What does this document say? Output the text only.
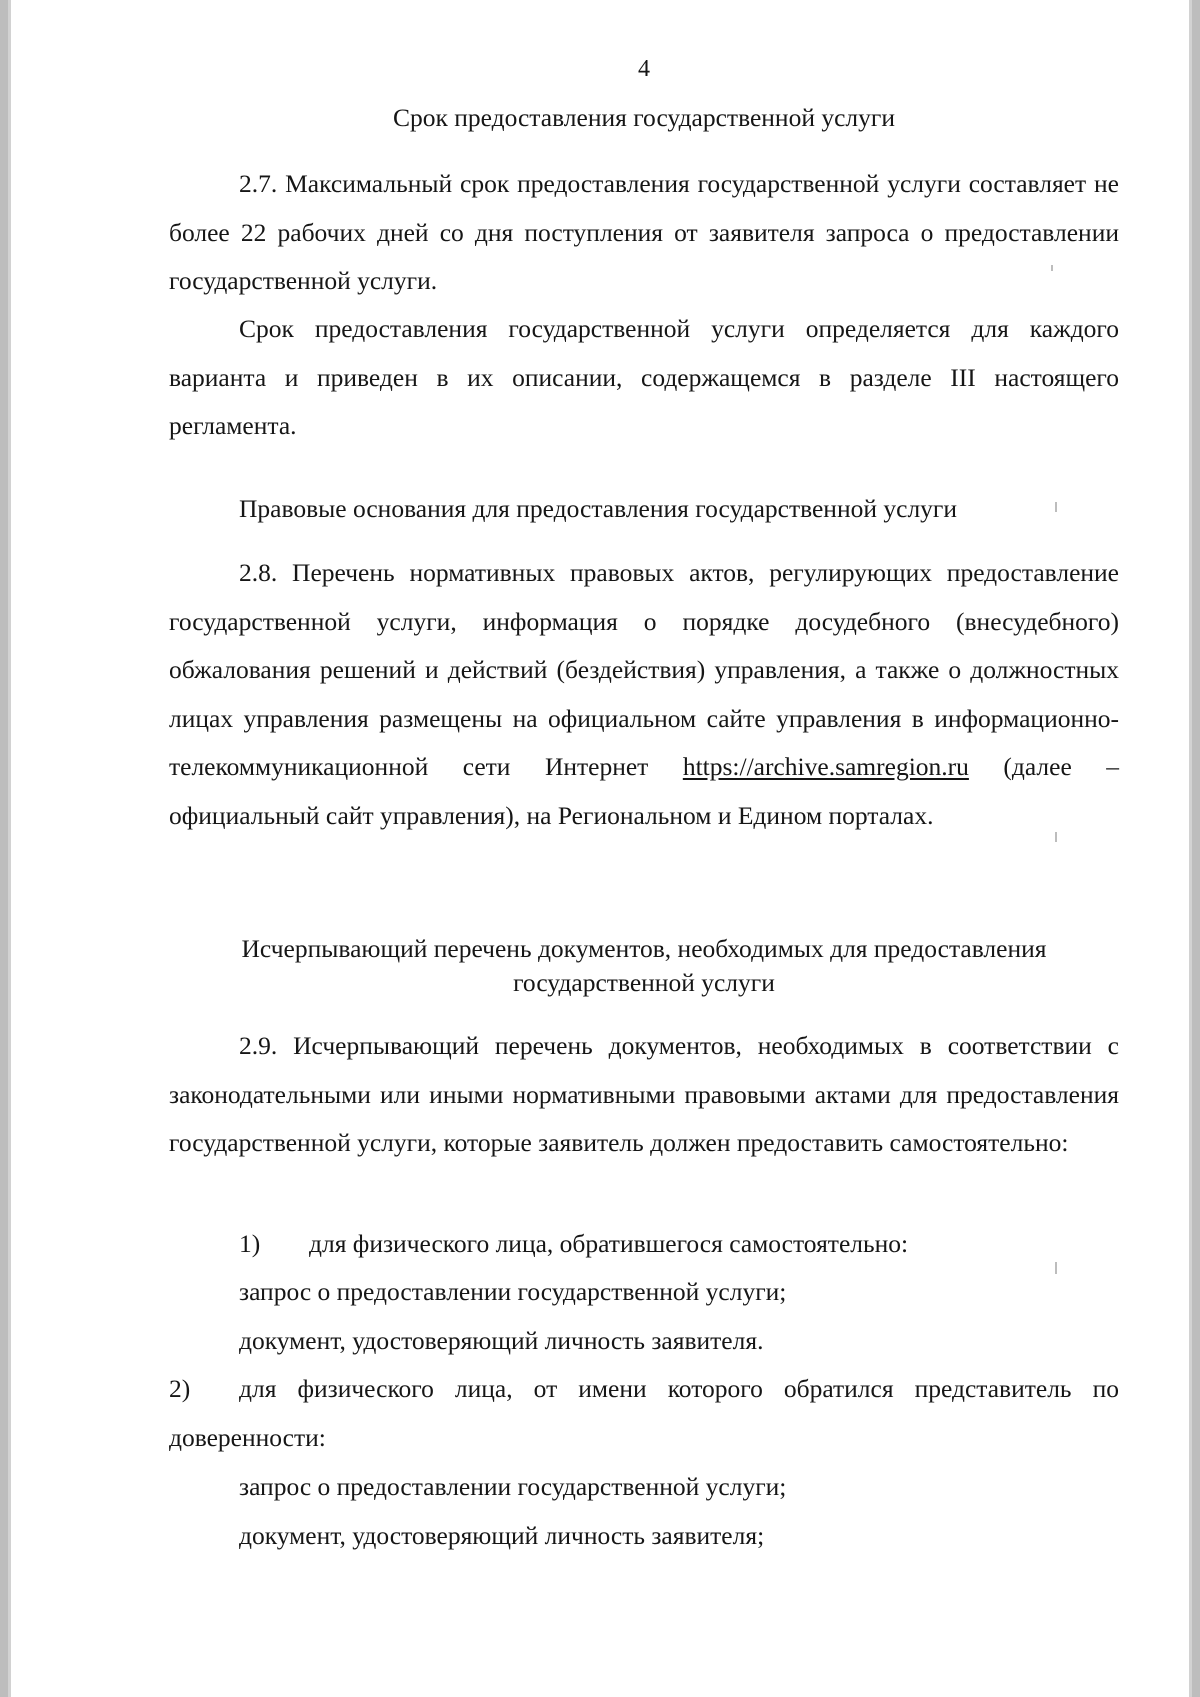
4
Срок предоставления государственной услуги
2.7. Максимальный срок предоставления государственной услуги составляет не более 22 рабочих дней со дня поступления от заявителя запроса о предоставлении государственной услуги.
Срок предоставления государственной услуги определяется для каждого варианта и приведен в их описании, содержащемся в разделе III настоящего регламента.
Правовые основания для предоставления государственной услуги
2.8. Перечень нормативных правовых актов, регулирующих предоставление государственной услуги, информация о порядке досудебного (внесудебного) обжалования решений и действий (бездействия) управления, а также о должностных лицах управления размещены на официальном сайте управления в информационно-телекоммуникационной сети Интернет https://archive.samregion.ru (далее – официальный сайт управления), на Региональном и Едином порталах.
Исчерпывающий перечень документов, необходимых для предоставления
государственной услуги
2.9. Исчерпывающий перечень документов, необходимых в соответствии с законодательными или иными нормативными правовыми актами для предоставления государственной услуги, которые заявитель должен предоставить самостоятельно:
1) для физического лица, обратившегося самостоятельно:
запрос о предоставлении государственной услуги;
документ, удостоверяющий личность заявителя.
2) для физического лица, от имени которого обратился представитель по доверенности:
запрос о предоставлении государственной услуги;
документ, удостоверяющий личность заявителя;
